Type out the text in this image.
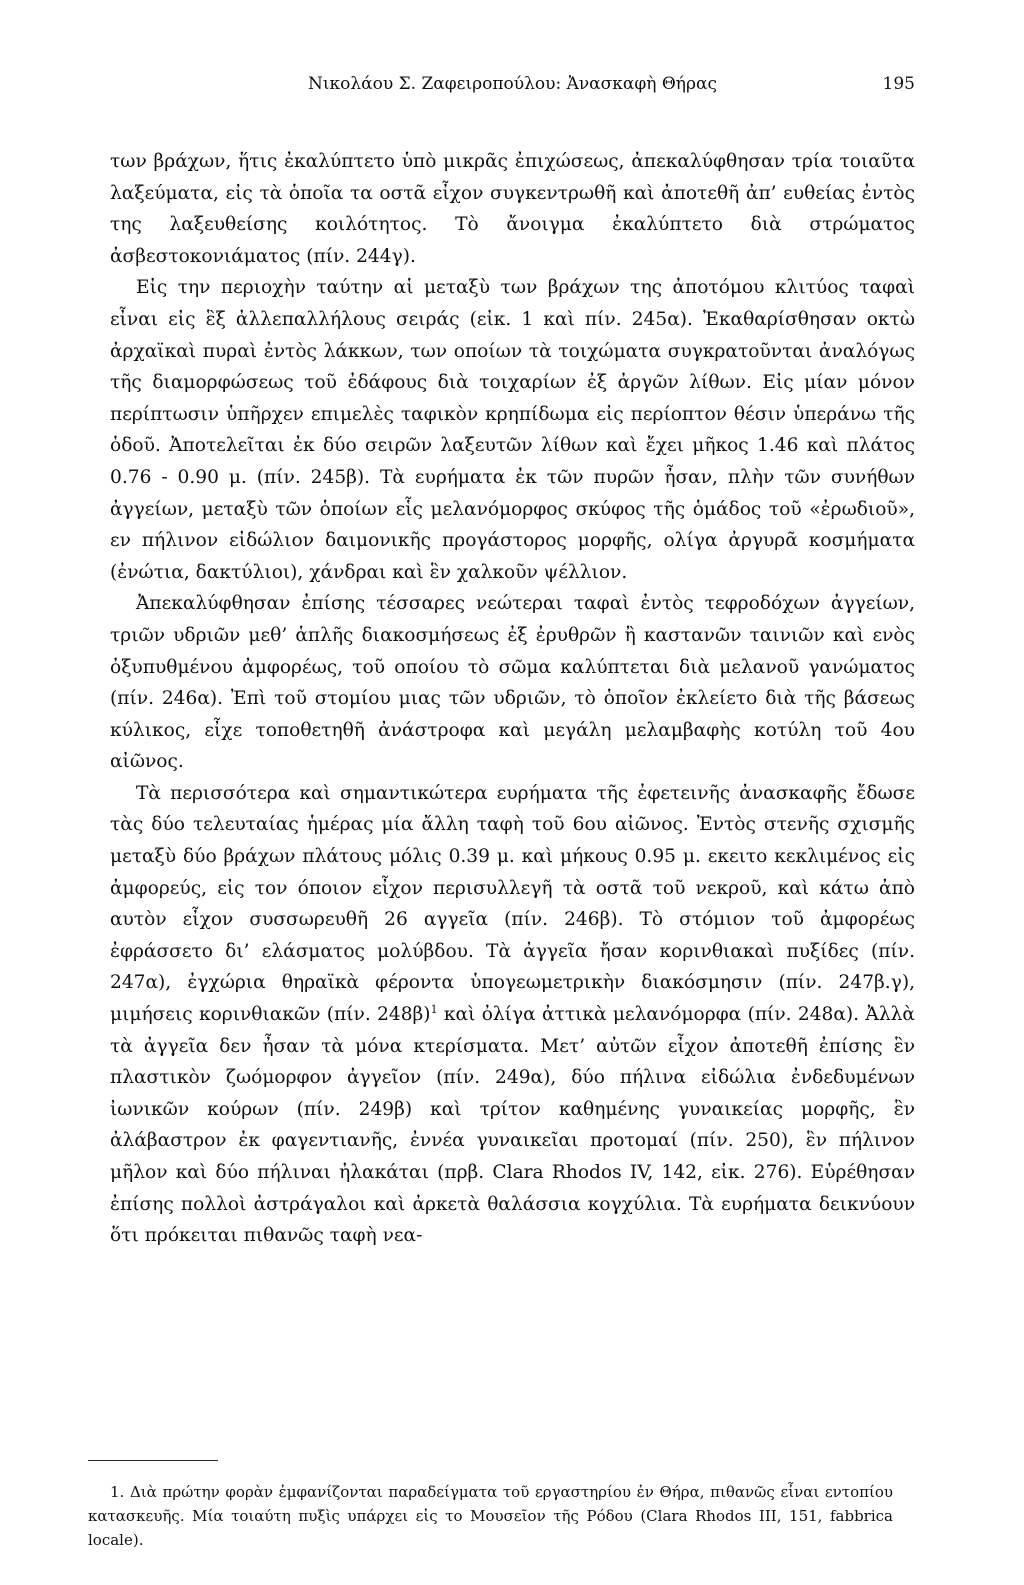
Νικολάου Σ. Ζαφειροπούλου: Ἀνασκαφὴ Θήρας	195

των βράχων, ἥτις ἐκαλύπτετο ὑπὸ μικρᾶς ἐπιχώσεως, ἀπεκαλύφθησαν τρία τοιαῦτα λαξεύματα, εἰς τὰ ὁποῖα τα οστᾶ εἶχον συγκεντρωθῆ καὶ ἀποτεθῆ ἀπ’ ευθείας ἐντὸς της λαξευθείσης κοιλότητος. Τὸ ἄνοιγμα ἐκαλύπτετο διὰ στρώματος ἀσβεστοκονιάματος (πίν. 244γ).

Εἰς την περιοχὴν ταύτην αἱ μεταξὺ των βράχων της ἀποτόμου κλιτύος ταφαὶ εἶναι εἰς ἓξ ἀλλεπαλλήλους σειράς (εἰκ. 1 καὶ πίν. 245α). Ἐκαθαρίσθησαν οκτὼ ἀρχαϊκαὶ πυραὶ ἐντὸς λάκκων, των οποίων τὰ τοιχώματα συγκρατοῦνται ἀναλόγως τῆς διαμορφώσεως τοῦ ἐδάφους διὰ τοιχαρίων ἐξ ἀργῶν λίθων. Εἰς μίαν μόνον περίπτωσιν ὑπῆρχεν επιμελὲς ταφικὸν κρηπίδωμα εἰς περίοπτον θέσιν ὑπεράνω τῆς ὁδοῦ. Ἀποτελεῖται ἐκ δύο σειρῶν λαξευτῶν λίθων καὶ ἔχει μῆκος 1.46 καὶ πλάτος 0.76 - 0.90 μ. (πίν. 245β). Τὰ ευρήματα ἐκ τῶν πυρῶν ἦσαν, πλὴν τῶν συνήθων ἀγγείων, μεταξὺ τῶν ὁποίων εἷς μελανόμορφος σκύφος τῆς ὁμάδος τοῦ «ἐρωδιοῦ», εν πήλινον εἰδώλιον δαιμονικῆς προγάστορος μορφῆς, ολίγα ἀργυρᾶ κοσμήματα (ἐνώτια, δακτύλιοι), χάνδραι καὶ ἓν χαλκοῦν ψέλλιον.

Ἀπεκαλύφθησαν ἐπίσης τέσσαρες νεώτεραι ταφαὶ ἐντὸς τεφροδόχων ἀγγείων, τριῶν υδριῶν μεθ’ ἁπλῆς διακοσμήσεως ἐξ ἐρυθρῶν ἢ καστανῶν ταινιῶν καὶ ενὸς ὀξυπυθμένου ἀμφορέως, τοῦ οποίου τὸ σῶμα καλύπτεται διὰ μελανοῦ γανώματος (πίν. 246α). Ἐπὶ τοῦ στομίου μιας τῶν υδριῶν, τὸ ὁποῖον ἐκλείετο διὰ τῆς βάσεως κύλικος, εἶχε τοποθετηθῆ ἀνάστροφα καὶ μεγάλη μελαμβαφὴς κοτύλη τοῦ 4ου αἰῶνος.

Τὰ περισσότερα καὶ σημαντικώτερα ευρήματα τῆς ἐφετεινῆς ἀνασκαφῆς ἔδωσε τὰς δύο τελευταίας ἡμέρας μία ἄλλη ταφὴ τοῦ 6ου αἰῶνος. Ἐντὸς στενῆς σχισμῆς μεταξὺ δύο βράχων πλάτους μόλις 0.39 μ. καὶ μήκους 0.95 μ. εκειτο κεκλιμένος εἰς ἀμφορεύς, εἰς τον όποιον εἶχον περισυλλεγῆ τὰ οστᾶ τοῦ νεκροῦ, καὶ κάτω ἀπὸ αυτὸν εἶχον συσσωρευθῆ 26 αγγεῖα (πίν. 246β). Τὸ στόμιον τοῦ ἀμφορέως ἐφράσσετο δι’ ελάσματος μολύβδου. Τὰ ἀγγεῖα ἤσαν κορινθιακαὶ πυξίδες (πίν. 247α), ἐγχώρια θηραϊκὰ φέροντα ὑπογεωμετρικὴν διακόσμησιν (πίν. 247β.γ), μιμήσεις κορινθιακῶν (πίν. 248β)$^1$ καὶ ὀλίγα ἀττικὰ μελανόμορφα (πίν. 248α). Ἀλλὰ τὰ ἀγγεῖα δεν ἦσαν τὰ μόνα κτερίσματα. Μετ’ αὐτῶν εἶχον ἀποτεθῆ ἐπίσης ἓν πλαστικὸν ζωόμορφον ἀγγεῖον (πίν. 249α), δύο πήλινα εἰδώλια ἐνδεδυμένων ἰωνικῶν κούρων (πίν. 249β) καὶ τρίτον καθημένης γυναικείας μορφῆς, ἓν ἀλάβαστρον ἐκ φαγεντιανῆς, ἐννέα γυναικεῖαι προτομαί (πίν. 250), ἓν πήλινον μῆλον καὶ δύο πήλιναι ἠλακάται (πρβ. Clara Rhodos IV, 142, εἰκ. 276). Εὑρέθησαν ἐπίσης πολλοὶ ἀστράγαλοι καὶ ἀρκετὰ θαλάσσια κογχύλια. Τὰ ευρήματα δεικνύουν ὅτι πρόκειται πιθανῶς ταφὴ νεα-

1. Διὰ πρώτην φορὰν ἐμφανίζονται παραδείγματα τοῦ εργαστηρίου ἐν Θήρα, πιθανῶς εἶναι εντοπίου κατασκευῆς. Μία τοιαύτη πυξὶς υπάρχει εἰς το Μουσεῖον τῆς Ρόδου (Clara Rhodos III, 151, fabbrica locale).
